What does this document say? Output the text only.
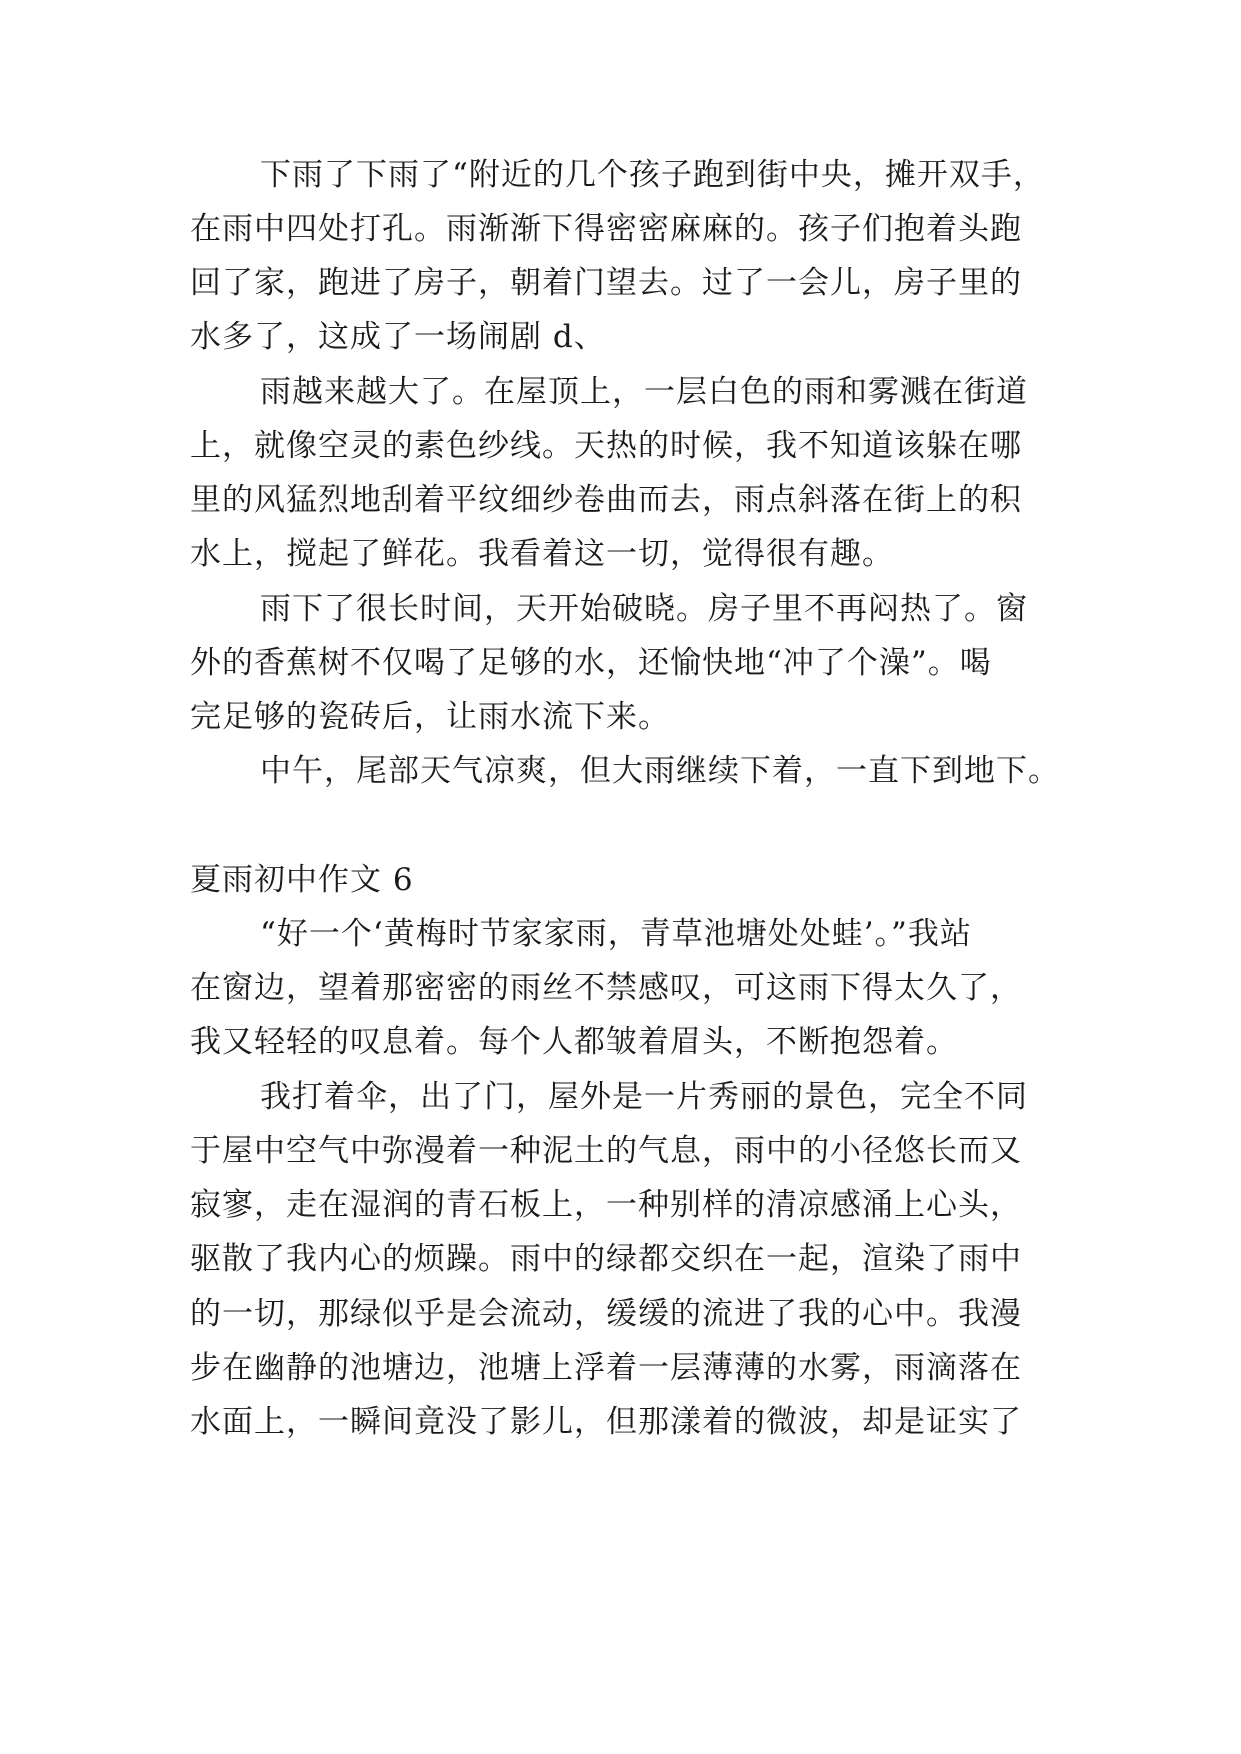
下雨了下雨了“附近的几个孩子跑到街中央，摊开双手，
在雨中四处打孔。雨渐渐下得密密麻麻的。孩子们抱着头跑
回了家，跑进了房子，朝着门望去。过了一会儿，房子里的
水多了，这成了一场闹剧 d、
雨越来越大了。在屋顶上，一层白色的雨和雾溅在街道
上，就像空灵的素色纱线。天热的时候，我不知道该躲在哪
里的风猛烈地刮着平纹细纱卷曲而去，雨点斜落在街上的积
水上，搅起了鲜花。我看着这一切，觉得很有趣。
雨下了很长时间，天开始破晓。房子里不再闷热了。窗
外的香蕉树不仅喝了足够的水，还愉快地“冲了个澡”。喝
完足够的瓷砖后，让雨水流下来。
中午，尾部天气凉爽，但大雨继续下着，一直下到地下。
夏雨初中作文 6
“好一个‘黄梅时节家家雨，青草池塘处处蛙’。”我站
在窗边，望着那密密的雨丝不禁感叹，可这雨下得太久了，
我又轻轻的叹息着。每个人都皱着眉头，不断抱怨着。
我打着伞，出了门，屋外是一片秀丽的景色，完全不同
于屋中空气中弥漫着一种泥土的气息，雨中的小径悠长而又
寂寥，走在湿润的青石板上，一种别样的清凉感涌上心头，
驱散了我内心的烦躁。雨中的绿都交织在一起，渲染了雨中
的一切，那绿似乎是会流动，缓缓的流进了我的心中。我漫
步在幽静的池塘边，池塘上浮着一层薄薄的水雾，雨滴落在
水面上，一瞬间竟没了影儿，但那漾着的微波，却是证实了
